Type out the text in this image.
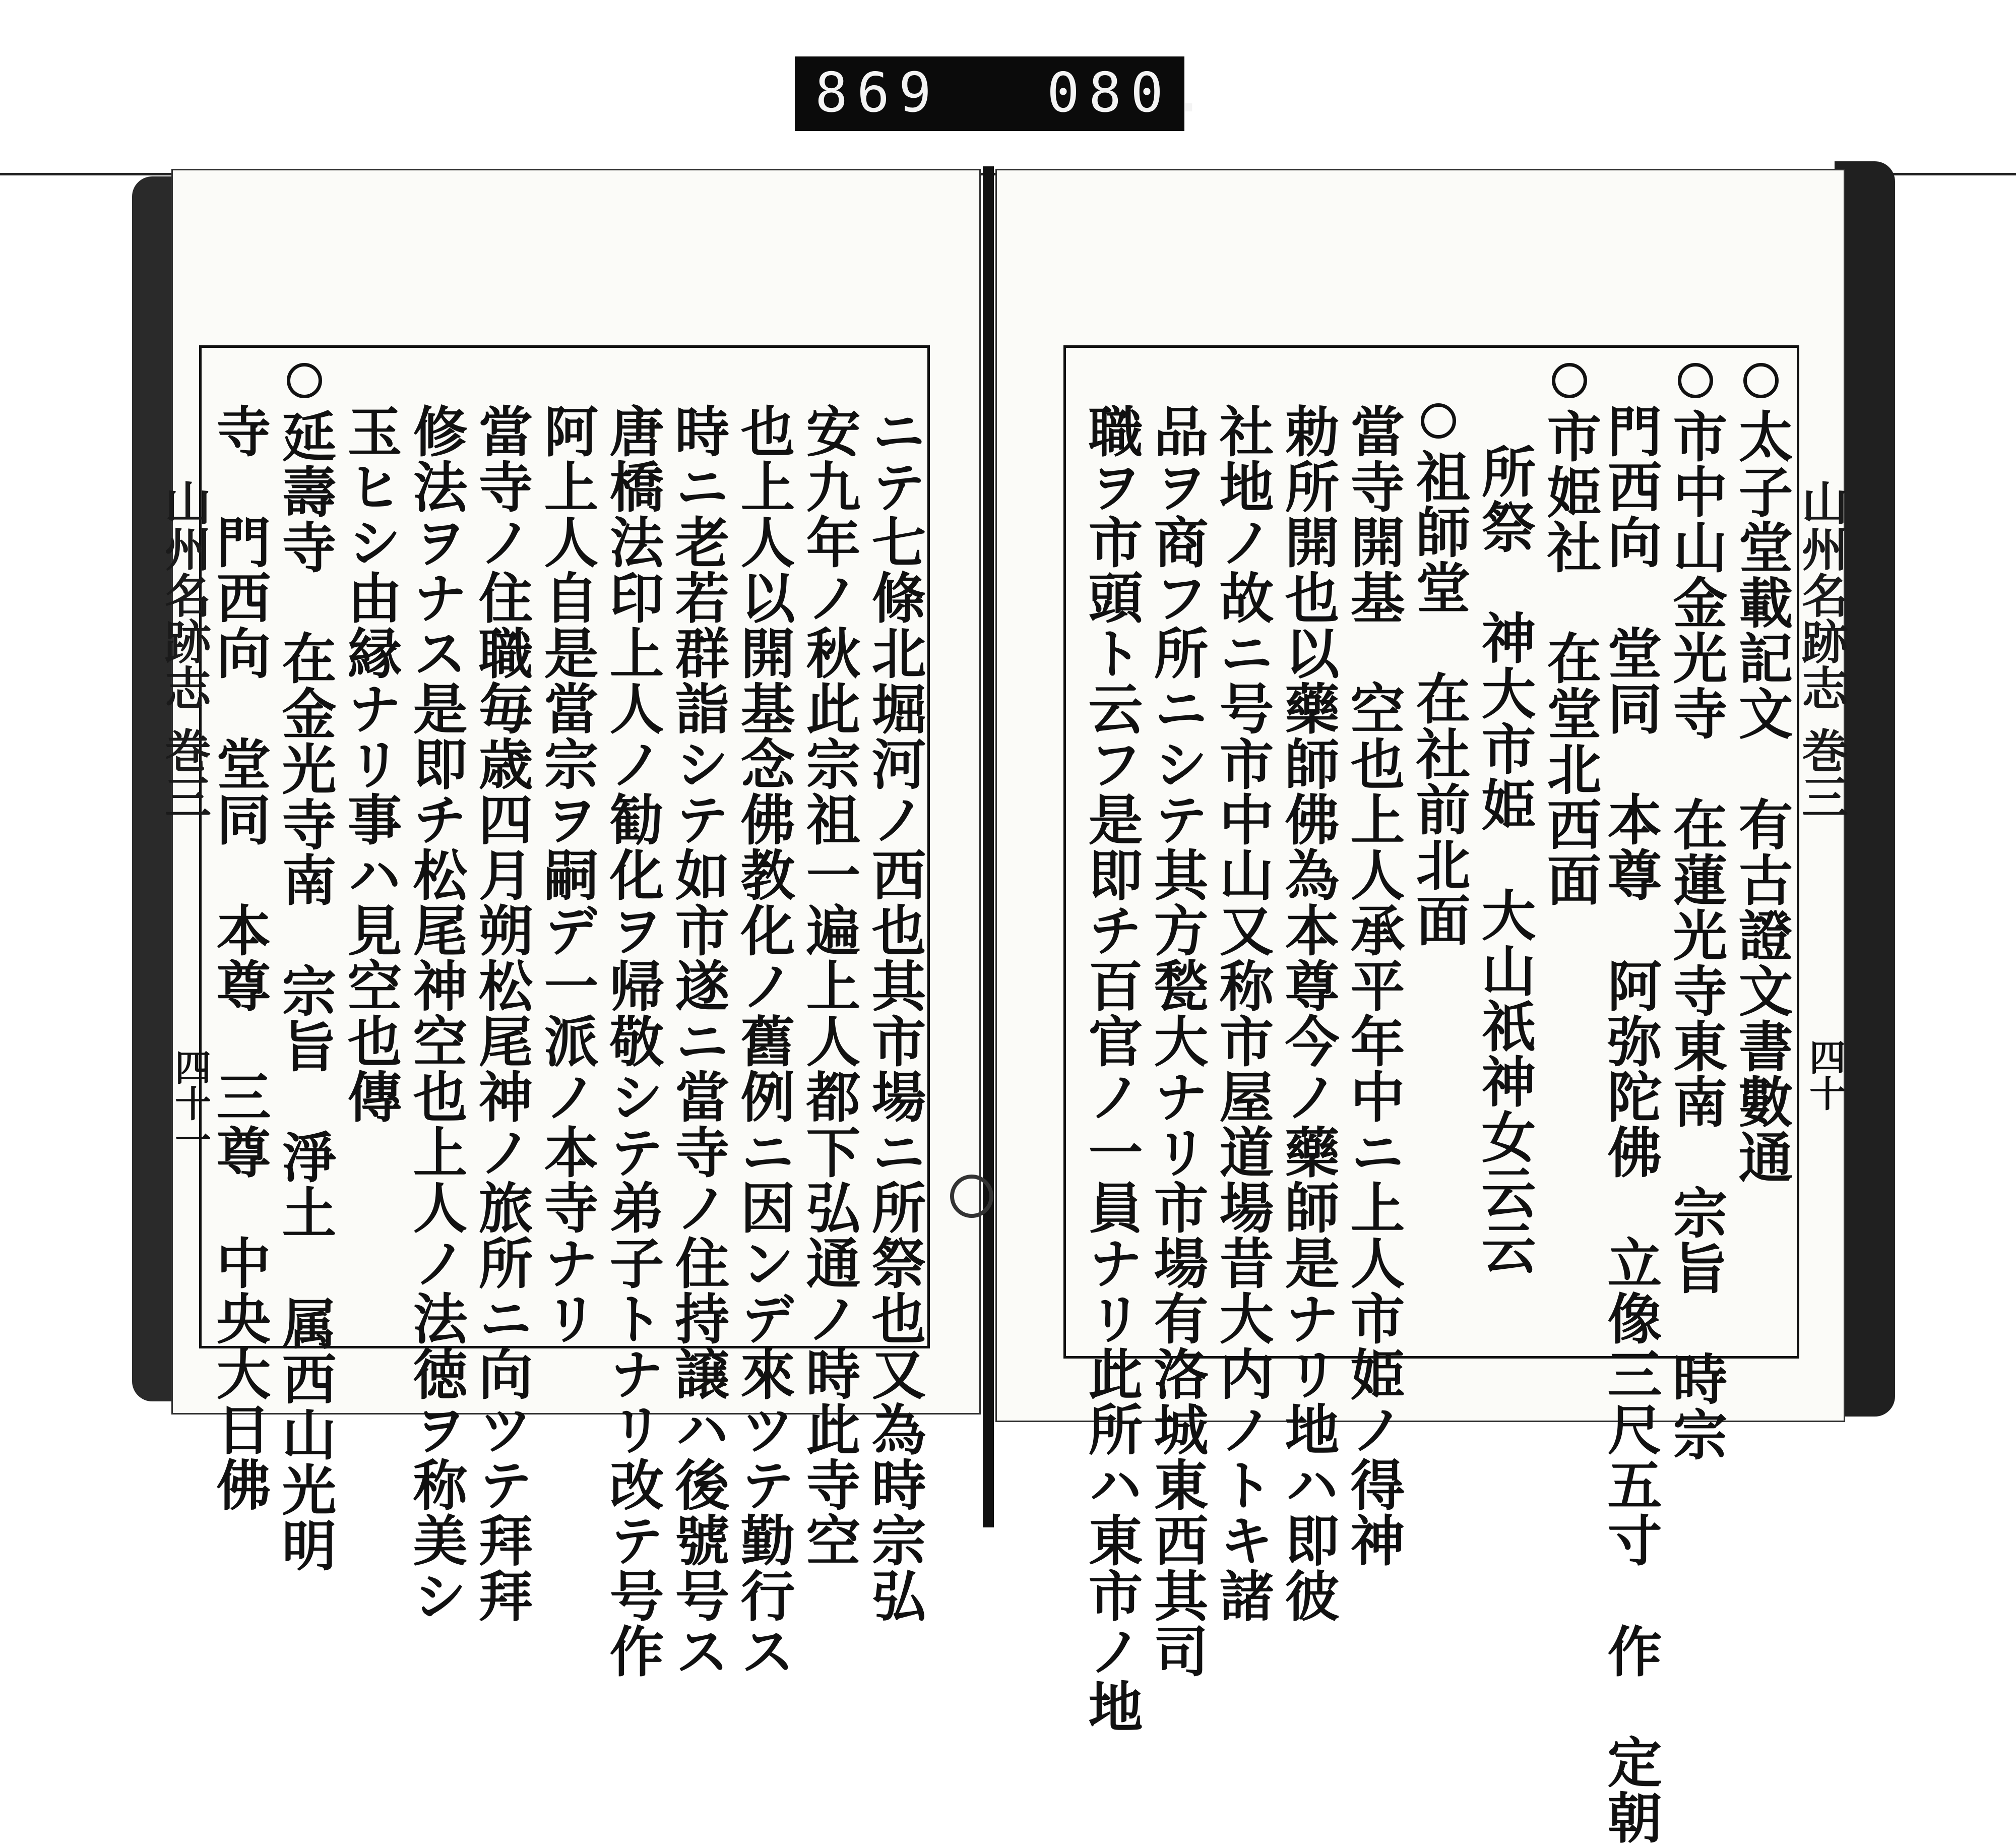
869 080.
山州名跡志 巻三
四十
山州名跡志 巻三
四十一	太子堂載記文　有古證文書數通
市中山金光寺　在蓮光寺東南　宗旨　時宗
門西向　堂同　本尊　阿弥陀佛　立像三尺五寸　作　定朝
市姫社　在堂北西面
所祭　神大市姫　大山祇神女云云
祖師堂　在社前北面
當寺開基　空也上人承平年中ニ上人市姫ノ得神
勅所開也以藥師佛為本尊今ノ藥師是ナリ地ハ即彼
社地ノ故ニ号市中山又称市屋道場昔大内ノトキ諸
品ヲ商フ所ニシテ其方甃大ナリ市場有洛城東西其司
職ヲ市頭ト云フ是即チ百官ノ一員ナリ此所ハ東市ノ地
ニテ七條北堀河ノ西也其市場ニ所祭也又為時宗弘
安九年ノ秋此宗祖一遍上人都下弘通ノ時此寺空
也上人以開基念佛教化ノ舊例ニ因ンデ來ツテ勤行ス
時ニ老若群詣シテ如市遂ニ當寺ノ住持譲ハ後號号ス
唐橋法印上人ノ勧化ヲ帰敬シテ弟子トナリ改テ号作
阿上人自是當宗ヲ嗣デ一派ノ本寺ナリ
當寺ノ住職毎歳四月朔松尾神ノ旅所ニ向ツテ拜拜
修法ヲナス是即チ松尾神空也上人ノ法徳ヲ称美シ
玉ヒシ由縁ナリ事ハ見空也傳
延壽寺　在金光寺南　宗旨　淨土　属西山光明
寺　門西向　堂同　本尊　三尊　中央大日佛
